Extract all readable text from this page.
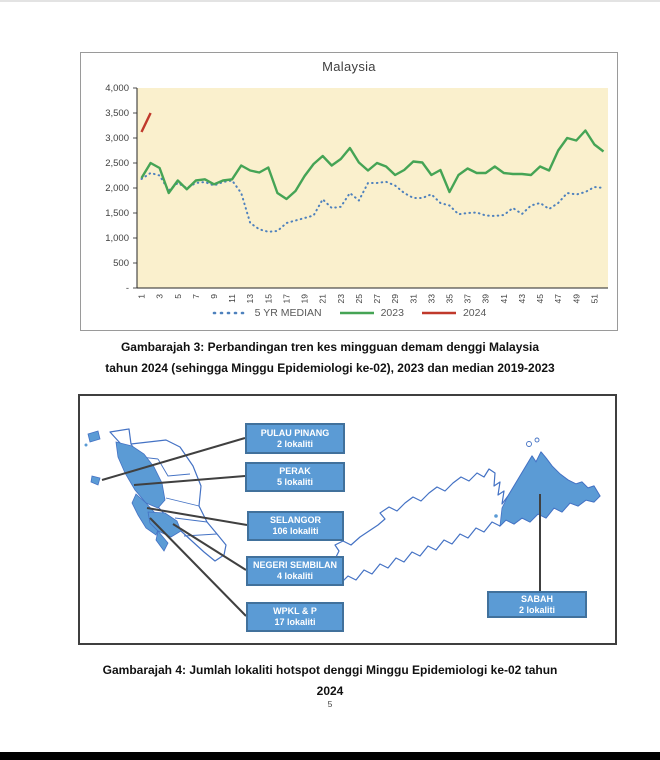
Malaysia
-
500
1,000
1,500
2,000
2,500
3,000
3,500
4,000
1 3 5 7 9 11 13 15 17 19 21 23 25 27 29 31 33 35 37 39 41 43 45 47 49 51
5 YR MEDIAN	2023	2024
Gambarajah 3: Perbandingan tren kes mingguan demam denggi Malaysia
tahun 2024 (sehingga Minggu Epidemiologi ke-02), 2023 dan median 2019-2023
PULAU PINANG
2 lokaliti
PERAK
5 lokaliti
SELANGOR
106 lokaliti
NEGERI SEMBILAN
4 lokaliti
WPKL & P
17 lokaliti
SABAH
2 lokaliti
Gambarajah 4: Jumlah lokaliti hotspot denggi Minggu Epidemiologi ke-02 tahun
2024
5
